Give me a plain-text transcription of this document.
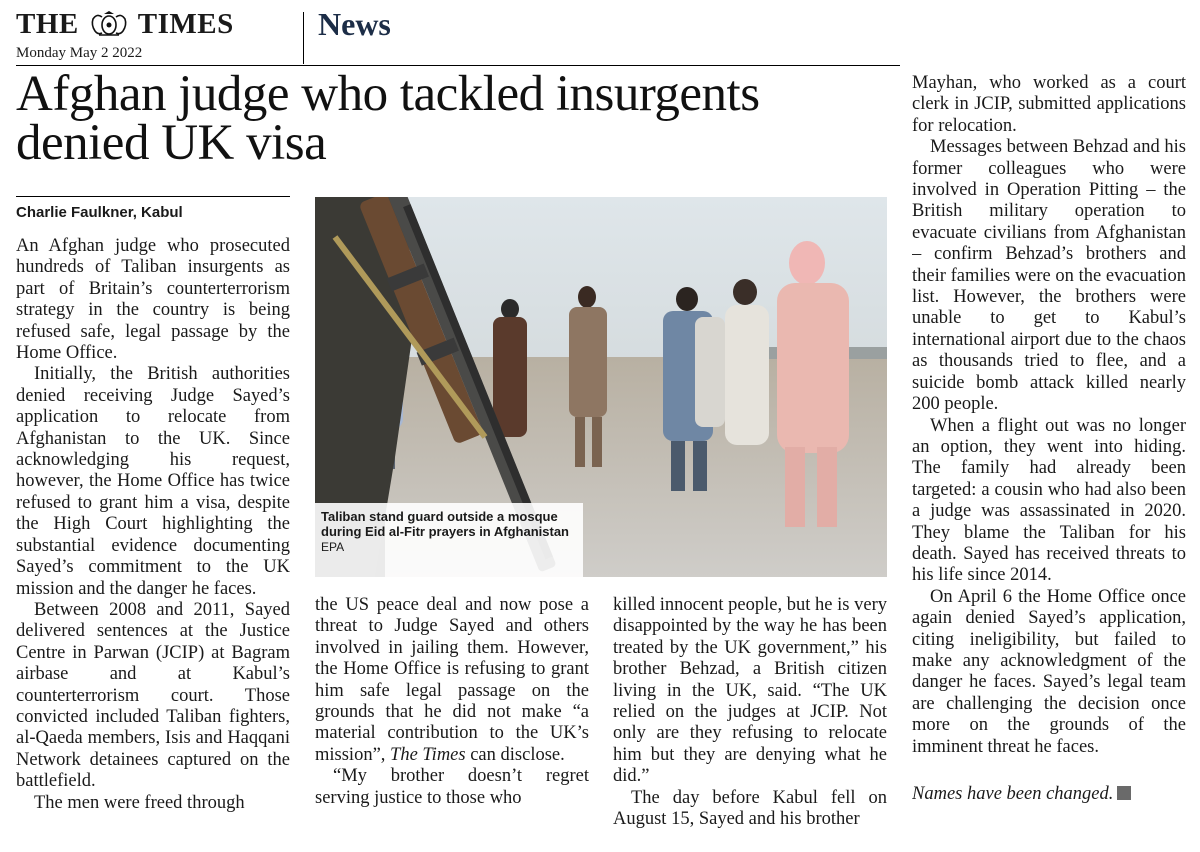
THE TIMES
Monday May 2 2022
News
Afghan judge who tackled insurgents denied UK visa
Charlie Faulkner, Kabul

An Afghan judge who prosecuted hundreds of Taliban insurgents as part of Britain’s counterterrorism strategy in the country is being refused safe, legal passage by the Home Office.

Initially, the British authorities denied receiving Judge Sayed’s application to relocate from Afghanistan to the UK. Since acknowledging his request, however, the Home Office has twice refused to grant him a visa, despite the High Court highlighting the substantial evidence documenting Sayed’s commitment to the UK mission and the danger he faces.

Between 2008 and 2011, Sayed delivered sentences at the Justice Centre in Parwan (JCIP) at Bagram airbase and at Kabul’s counterterrorism court. Those convicted included Taliban fighters, al-Qaeda members, Isis and Haqqani Network detainees captured on the battlefield.

The men were freed through

Taliban stand guard outside a mosque during Eid al-Fitr prayers in Afghanistan
EPA

the US peace deal and now pose a threat to Judge Sayed and others involved in jailing them. However, the Home Office is refusing to grant him safe legal passage on the grounds that he did not make “a material contribution to the UK’s mission”, The Times can disclose.

“My brother doesn’t regret serving justice to those who

killed innocent people, but he is very disappointed by the way he has been treated by the UK government,” his brother Behzad, a British citizen living in the UK, said. “The UK relied on the judges at JCIP. Not only are they refusing to relocate him but they are denying what he did.”

The day before Kabul fell on August 15, Sayed and his brother

Mayhan, who worked as a court clerk in JCIP, submitted applications for relocation.

Messages between Behzad and his former colleagues who were involved in Operation Pitting – the British military operation to evacuate civilians from Afghanistan – confirm Behzad’s brothers and their families were on the evacuation list. However, the brothers were unable to get to Kabul’s international airport due to the chaos as thousands tried to flee, and a suicide bomb attack killed nearly 200 people.

When a flight out was no longer an option, they went into hiding. The family had already been targeted: a cousin who had also been a judge was assassinated in 2020. They blame the Taliban for his death. Sayed has received threats to his life since 2014.

On April 6 the Home Office once again denied Sayed’s application, citing ineligibility, but failed to make any acknowledgment of the danger he faces. Sayed’s legal team are challenging the decision once more on the grounds of the imminent threat he faces.

Names have been changed.
